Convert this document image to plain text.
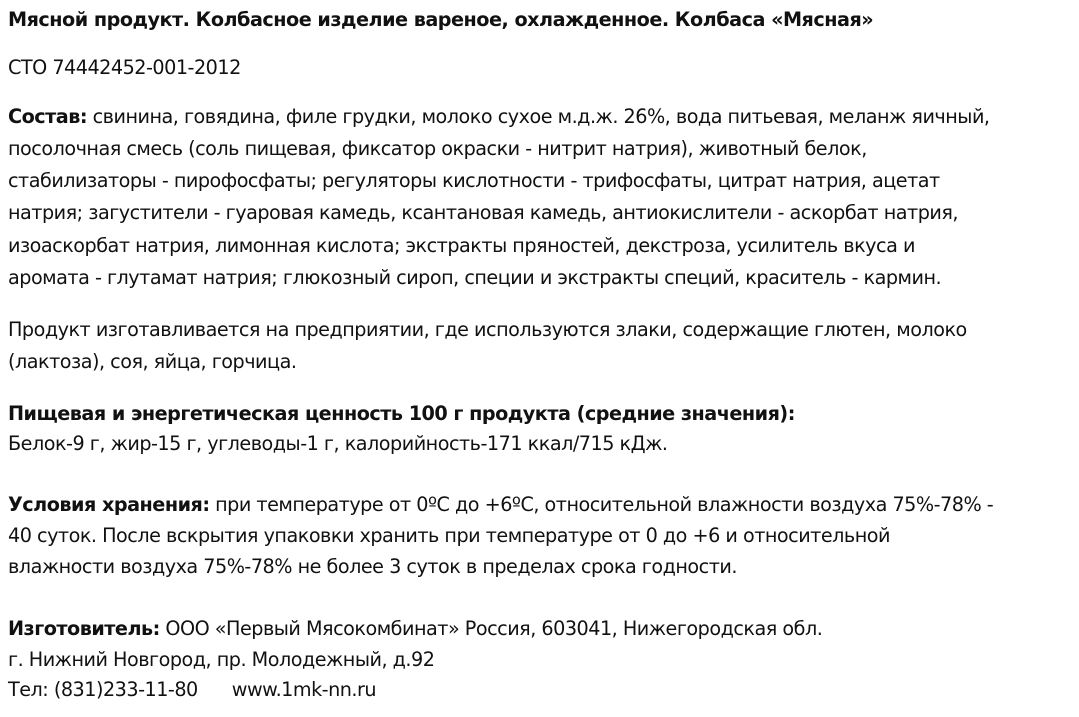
Мясной продукт. Колбасное изделие вареное, охлажденное. Колбаса «Мясная»
СТО 74442452-001-2012
Состав: свинина, говядина, филе грудки, молоко сухое м.д.ж. 26%, вода питьевая, меланж яичный,
посолочная смесь (соль пищевая, фиксатор окраски - нитрит натрия), животный белок,
стабилизаторы - пирофосфаты; регуляторы кислотности - трифосфаты, цитрат натрия, ацетат
натрия; загустители - гуаровая камедь, ксантановая камедь, антиокислители - аскорбат натрия,
изоаскорбат натрия, лимонная кислота; экстракты пряностей, декстроза, усилитель вкуса и
аромата - глутамат натрия; глюкозный сироп, специи и экстракты специй, краситель - кармин.
Продукт изготавливается на предприятии, где используются злаки, содержащие глютен, молоко
(лактоза), соя, яйца, горчица.
Пищевая и энергетическая ценность 100 г продукта (средние значения):
Белок-9 г, жир-15 г, углеводы-1 г, калорийность-171 ккал/715 кДж.
Условия хранения: при температуре от 0ºС до +6ºС, относительной влажности воздуха 75%-78% -
40 суток. После вскрытия упаковки хранить при температуре от 0 до +6 и относительной
влажности воздуха 75%-78% не более 3 суток в пределах срока годности.
Изготовитель: ООО «Первый Мясокомбинат» Россия, 603041, Нижегородская обл.
г. Нижний Новгород, пр. Молодежный, д.92
Тел: (831)233-11-80 www.1mk-nn.ru
